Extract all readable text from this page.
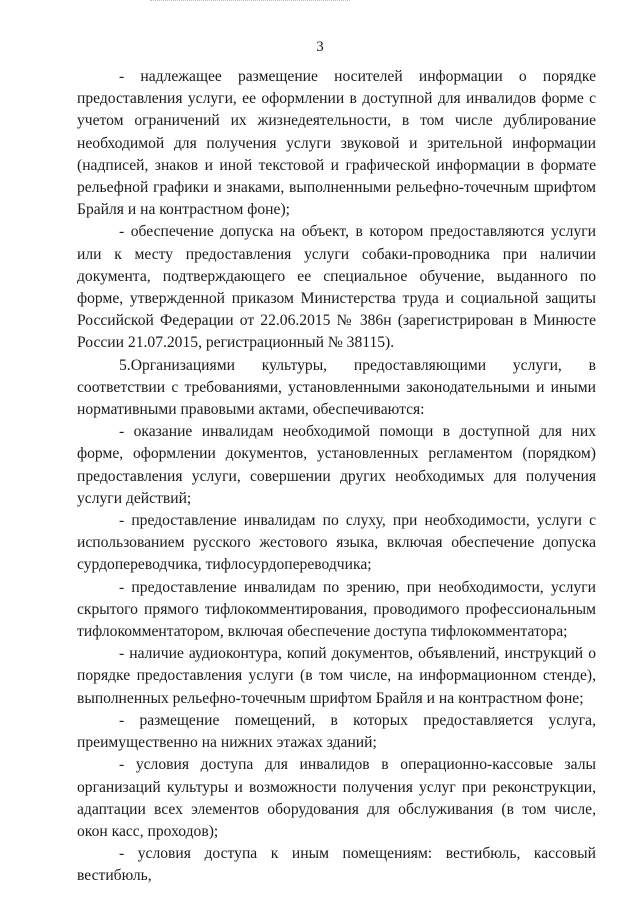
3

- надлежащее размещение носителей информации о порядке предоставления услуги, ее оформлении в доступной для инвалидов форме с учетом ограничений их жизнедеятельности, в том числе дублирование необходимой для получения услуги звуковой и зрительной информации (надписей, знаков и иной текстовой и графической информации в формате рельефной графики и знаками, выполненными рельефно-точечным шрифтом Брайля и на контрастном фоне);

- обеспечение допуска на объект, в котором предоставляются услуги или к месту предоставления услуги собаки-проводника при наличии документа, подтверждающего ее специальное обучение, выданного по форме, утвержденной приказом Министерства труда и социальной защиты Российской Федерации от 22.06.2015 № 386н (зарегистрирован в Минюсте России 21.07.2015, регистрационный № 38115).

5.Организациями культуры, предоставляющими услуги, в соответствии с требованиями, установленными законодательными и иными нормативными правовыми актами, обеспечиваются:

- оказание инвалидам необходимой помощи в доступной для них форме, оформлении документов, установленных регламентом (порядком) предоставления услуги, совершении других необходимых для получения услуги действий;

- предоставление инвалидам по слуху, при необходимости, услуги с использованием русского жестового языка, включая обеспечение допуска сурдопереводчика, тифлосурдопереводчика;

- предоставление инвалидам по зрению, при необходимости, услуги скрытого прямого тифлокомментирования, проводимого профессиональным тифлокомментатором, включая обеспечение доступа тифлокомментатора;

- наличие аудиоконтура, копий документов, объявлений, инструкций о порядке предоставления услуги (в том числе, на информационном стенде), выполненных рельефно-точечным шрифтом Брайля и на контрастном фоне;

- размещение помещений, в которых предоставляется услуга, преимущественно на нижних этажах зданий;

- условия доступа для инвалидов в операционно-кассовые залы организаций культуры и возможности получения услуг при реконструкции, адаптации всех элементов оборудования для обслуживания (в том числе, окон касс, проходов);

- условия доступа к иным помещениям: вестибюль, кассовый вестибюль,
